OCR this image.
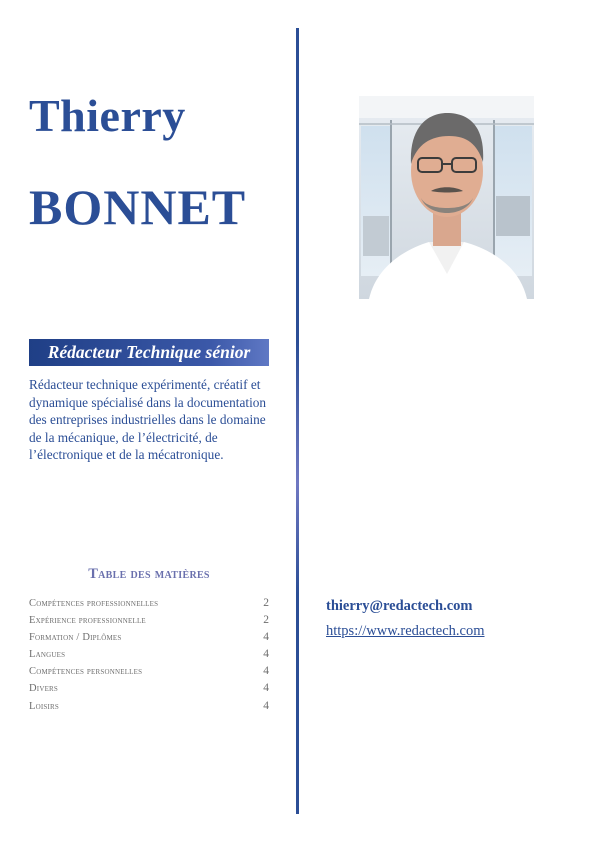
Thierry
BONNET
Rédacteur Technique sénior

Rédacteur technique expérimenté, créatif et dynamique spécialisé dans la documentation des entreprises industrielles dans le domaine de la mécanique, de l’électricité, de l’électronique et de la mécatronique.

Table des matières
Compétences professionnelles	2
Expérience professionnelle	2
Formation / Diplômes	4
Langues	4
Compétences personnelles	4
Divers	4
Loisirs	4

thierry@redactech.com

https://www.redactech.com
